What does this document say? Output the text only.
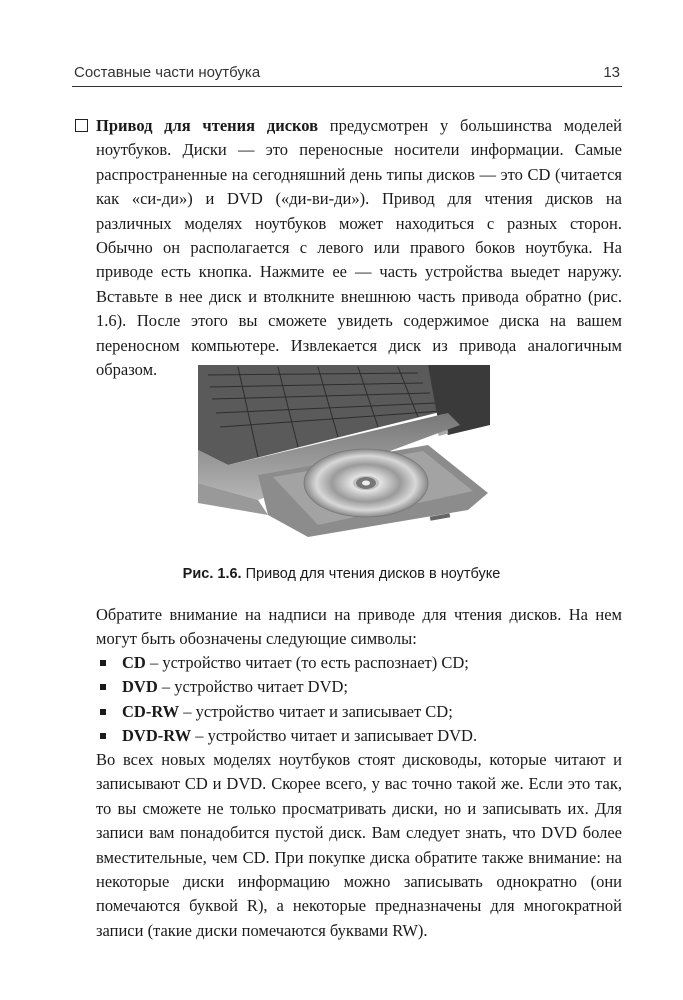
Составные части ноутбука	13
Привод для чтения дисков предусмотрен у большинства моделей ноутбуков. Диски — это переносные носители информации. Самые распространенные на сегодняшний день типы дисков — это CD (читается как «си-ди») и DVD («ди-ви-ди»). Привод для чтения дисков на различных моделях ноутбуков может находиться с разных сторон. Обычно он располагается с левого или правого боков ноутбука. На приводе есть кнопка. Нажмите ее — часть устройства выедет наружу. Вставьте в нее диск и втолкните внешнюю часть привода обратно (рис. 1.6). После этого вы сможете увидеть содержимое диска на вашем переносном компьютере. Извлекается диск из привода аналогичным образом.
Рис. 1.6. Привод для чтения дисков в ноутбуке
Обратите внимание на надписи на приводе для чтения дисков. На нем могут быть обозначены следующие символы:
CD – устройство читает (то есть распознает) CD;
DVD – устройство читает DVD;
CD-RW – устройство читает и записывает CD;
DVD-RW – устройство читает и записывает DVD.
Во всех новых моделях ноутбуков стоят дисководы, которые читают и записывают CD и DVD. Скорее всего, у вас точно такой же. Если это так, то вы сможете не только просматривать диски, но и записывать их. Для записи вам понадобится пустой диск. Вам следует знать, что DVD более вместительные, чем CD. При покупке диска обратите также внимание: на некоторые диски информацию можно записывать однократно (они помечаются буквой R), а некоторые предназначены для многократной записи (такие диски помечаются буквами RW).
